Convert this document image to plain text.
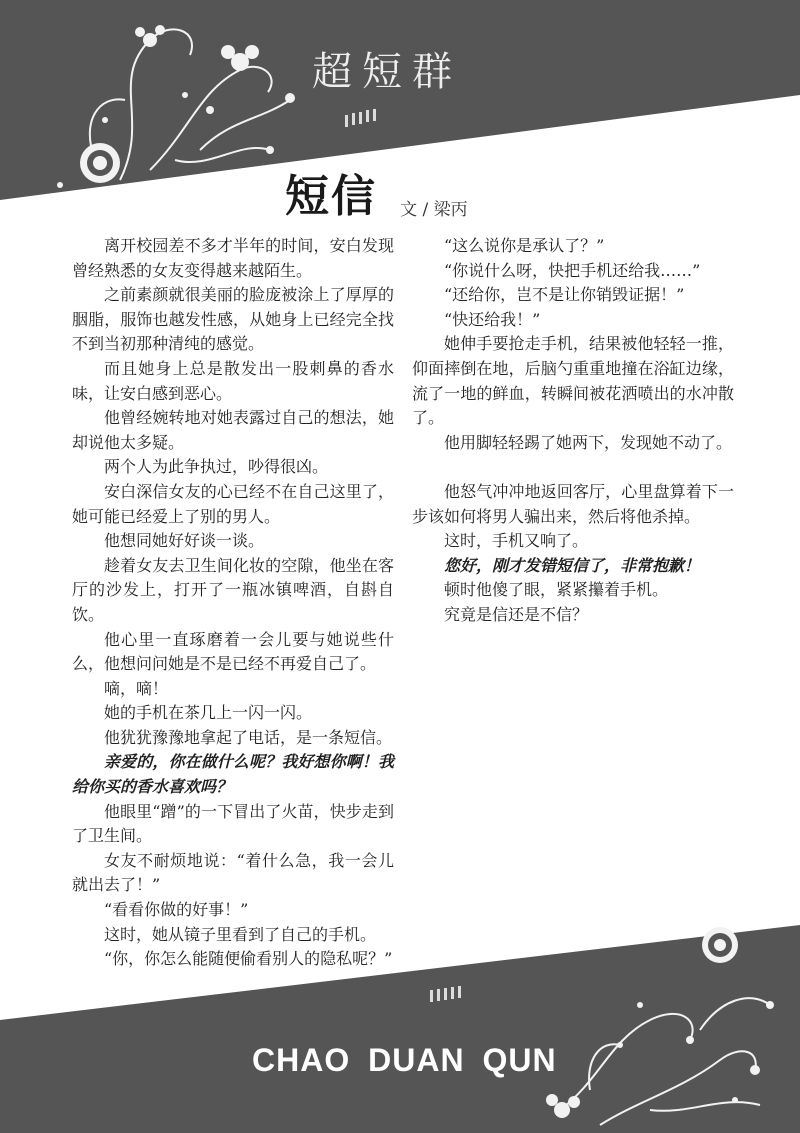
超短群
短信 文 / 梁丙

离开校园差不多才半年的时间，安白发现曾经熟悉的女友变得越来越陌生。

之前素颜就很美丽的脸庞被涂上了厚厚的胭脂，服饰也越发性感，从她身上已经完全找不到当初那种清纯的感觉。

而且她身上总是散发出一股刺鼻的香水味，让安白感到恶心。

他曾经婉转地对她表露过自己的想法，她却说他太多疑。

两个人为此争执过，吵得很凶。

安白深信女友的心已经不在自己这里了，她可能已经爱上了别的男人。

他想同她好好谈一谈。

趁着女友去卫生间化妆的空隙，他坐在客厅的沙发上，打开了一瓶冰镇啤酒，自斟自饮。

他心里一直琢磨着一会儿要与她说些什么，他想问问她是不是已经不再爱自己了。

嘀，嘀！

她的手机在茶几上一闪一闪。

他犹犹豫豫地拿起了电话，是一条短信。

亲爱的，你在做什么呢？我好想你啊！我给你买的香水喜欢吗？

他眼里“蹭”的一下冒出了火苗，快步走到了卫生间。

女友不耐烦地说：“着什么急，我一会儿就出去了！”

“看看你做的好事！”

这时，她从镜子里看到了自己的手机。

“你，你怎么能随便偷看别人的隐私呢？”

“这么说你是承认了？”

“你说什么呀，快把手机还给我……”

“还给你，岂不是让你销毁证据！”

“快还给我！”

她伸手要抢走手机，结果被他轻轻一推，仰面摔倒在地，后脑勺重重地撞在浴缸边缘，流了一地的鲜血，转瞬间被花洒喷出的水冲散了。

他用脚轻轻踢了她两下，发现她不动了。

他怒气冲冲地返回客厅，心里盘算着下一步该如何将男人骗出来，然后将他杀掉。

这时，手机又响了。

您好，刚才发错短信了，非常抱歉！

顿时他傻了眼，紧紧攥着手机。

究竟是信还是不信？

CHAO DUAN QUN
